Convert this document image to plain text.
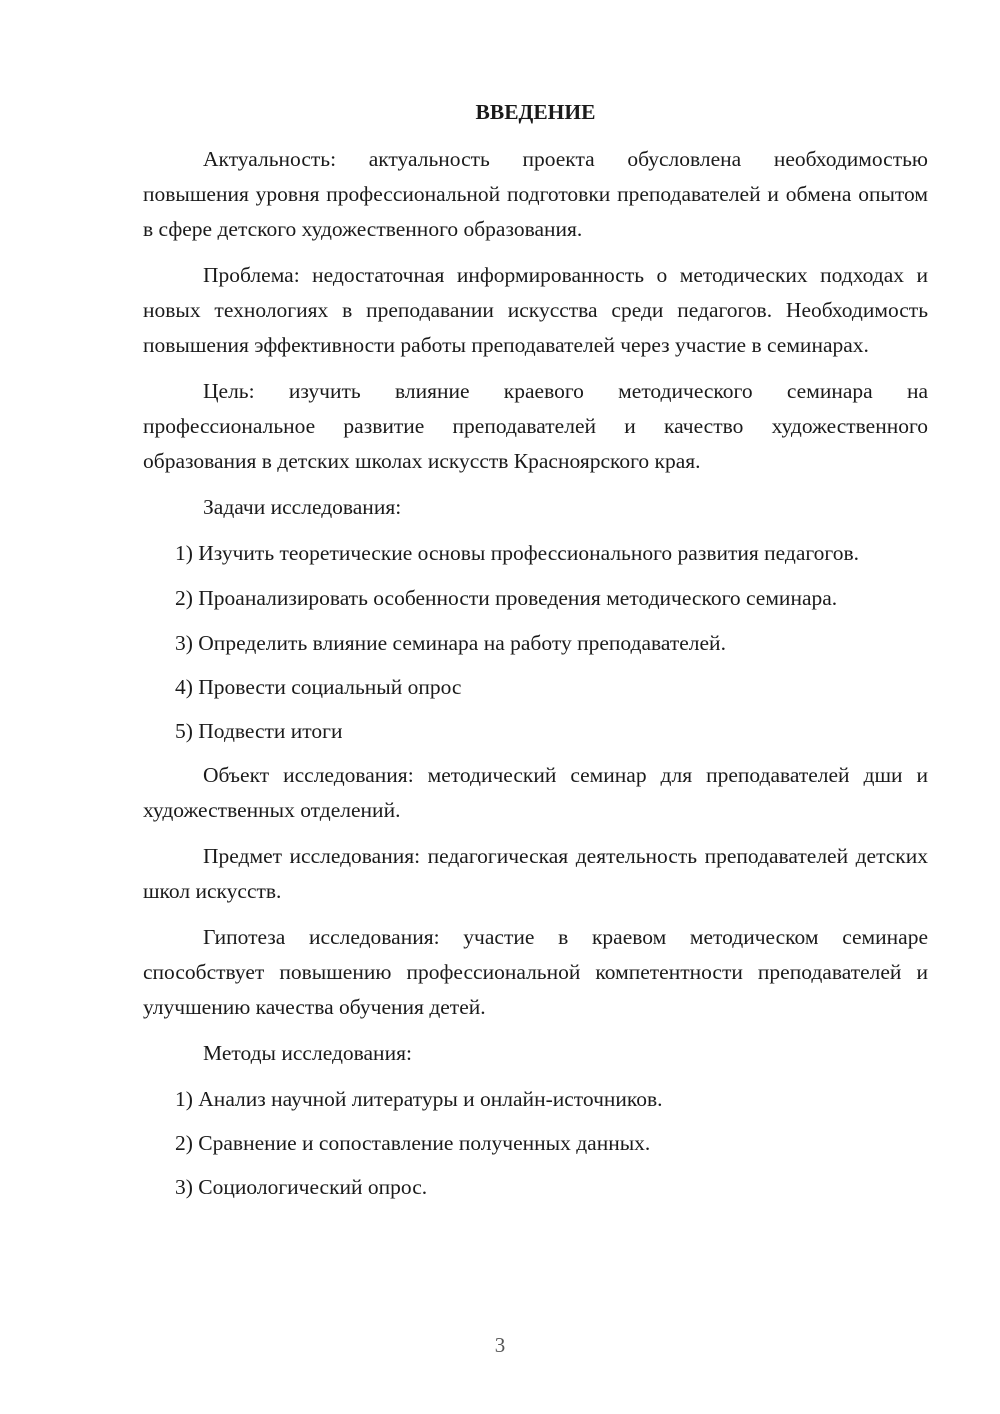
ВВЕДЕНИЕ

Актуальность: актуальность проекта обусловлена необходимостью повышения уровня профессиональной подготовки преподавателей и обмена опытом в сфере детского художественного образования.

Проблема: недостаточная информированность о методических подходах и новых технологиях в преподавании искусства среди педагогов. Необходимость повышения эффективности работы преподавателей через участие в семинарах.

Цель: изучить влияние краевого методического семинара на профессиональное развитие преподавателей и качество художественного образования в детских школах искусств Красноярского края.

Задачи исследования:

1) Изучить теоретические основы профессионального развития педагогов.

2) Проанализировать особенности проведения методического семинара.

3) Определить влияние семинара на работу преподавателей.

4) Провести социальный опрос

5) Подвести итоги

Объект исследования: методический семинар для преподавателей дши и художественных отделений.

Предмет исследования: педагогическая деятельность преподавателей детских школ искусств.

Гипотеза исследования: участие в краевом методическом семинаре способствует повышению профессиональной компетентности преподавателей и улучшению качества обучения детей.

Методы исследования:

1) Анализ научной литературы и онлайн-источников.

2) Сравнение и сопоставление полученных данных.

3) Социологический опрос.

3
